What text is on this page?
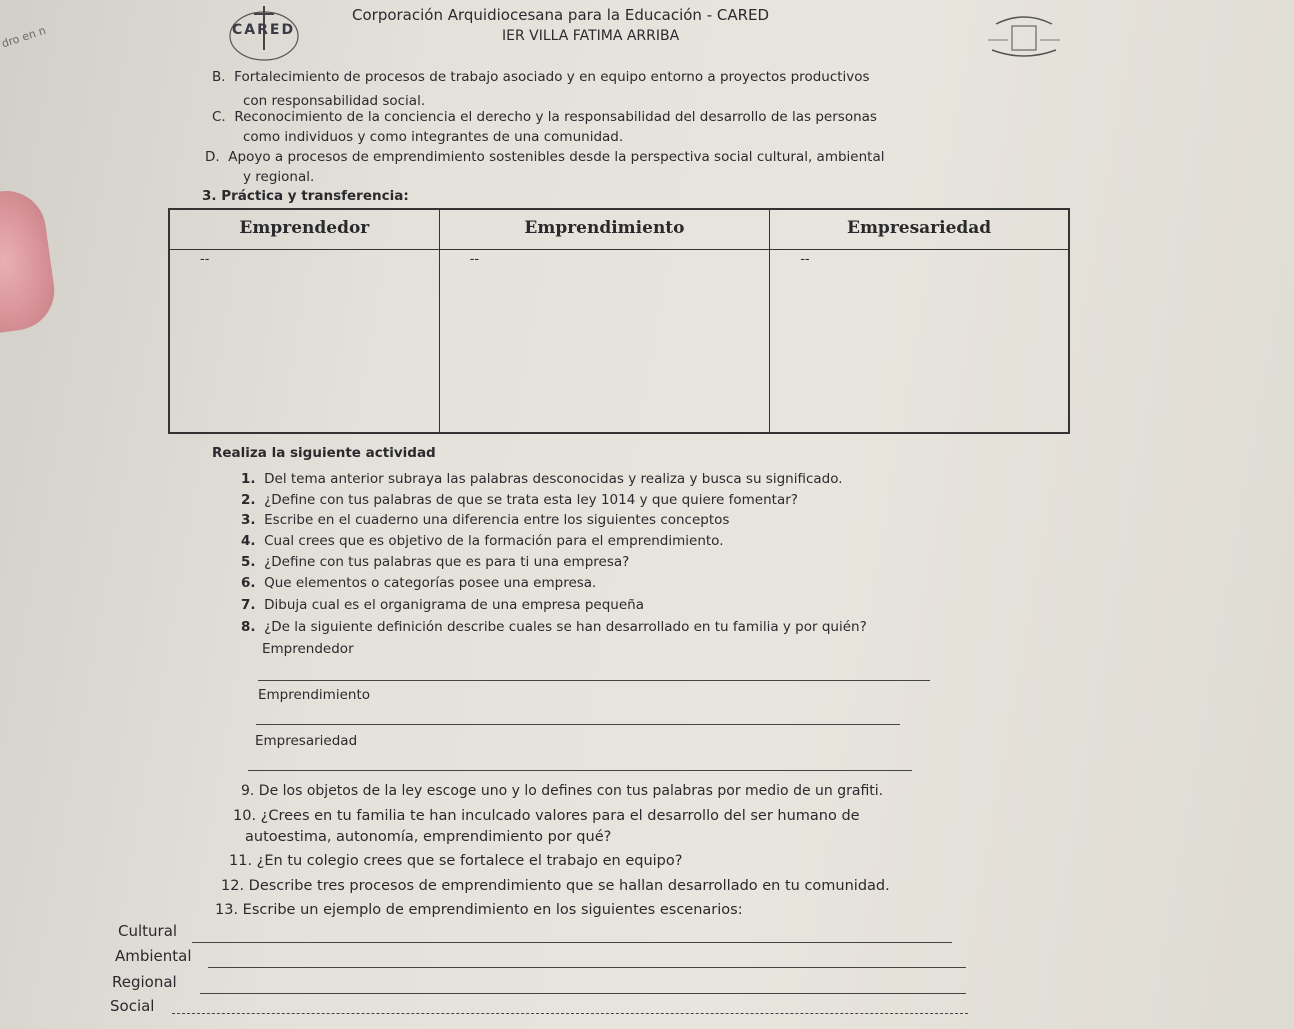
dro en n	CARED
Corporación Arquidiocesana para la Educación - CARED
IER VILLA FATIMA ARRIBA
B. Fortalecimiento de procesos de trabajo asociado y en equipo entorno a proyectos productivos
con responsabilidad social.
C. Reconocimiento de la conciencia el derecho y la responsabilidad del desarrollo de las personas
como individuos y como integrantes de una comunidad.
D. Apoyo a procesos de emprendimiento sostenibles desde la perspectiva social cultural, ambiental
y regional.
3. Práctica y transferencia:
Emprendedor	Emprendimiento	Empresariedad
--	--	--
Realiza la siguiente actividad
1. Del tema anterior subraya las palabras desconocidas y realiza y busca su significado.
2. ¿Define con tus palabras de que se trata esta ley 1014 y que quiere fomentar?
3. Escribe en el cuaderno una diferencia entre los siguientes conceptos
4. Cual crees que es objetivo de la formación para el emprendimiento.
5. ¿Define con tus palabras que es para ti una empresa?
6. Que elementos o categorías posee una empresa.
7. Dibuja cual es el organigrama de una empresa pequeña
8. ¿De la siguiente definición describe cuales se han desarrollado en tu familia y por quién?
Emprendedor
Emprendimiento
Empresariedad
9. De los objetos de la ley escoge uno y lo defines con tus palabras por medio de un grafiti.
10. ¿Crees en tu familia te han inculcado valores para el desarrollo del ser humano de
autoestima, autonomía, emprendimiento por qué?
11. ¿En tu colegio crees que se fortalece el trabajo en equipo?
12. Describe tres procesos de emprendimiento que se hallan desarrollado en tu comunidad.
13. Escribe un ejemplo de emprendimiento en los siguientes escenarios:
Cultural
Ambiental
Regional
Social
